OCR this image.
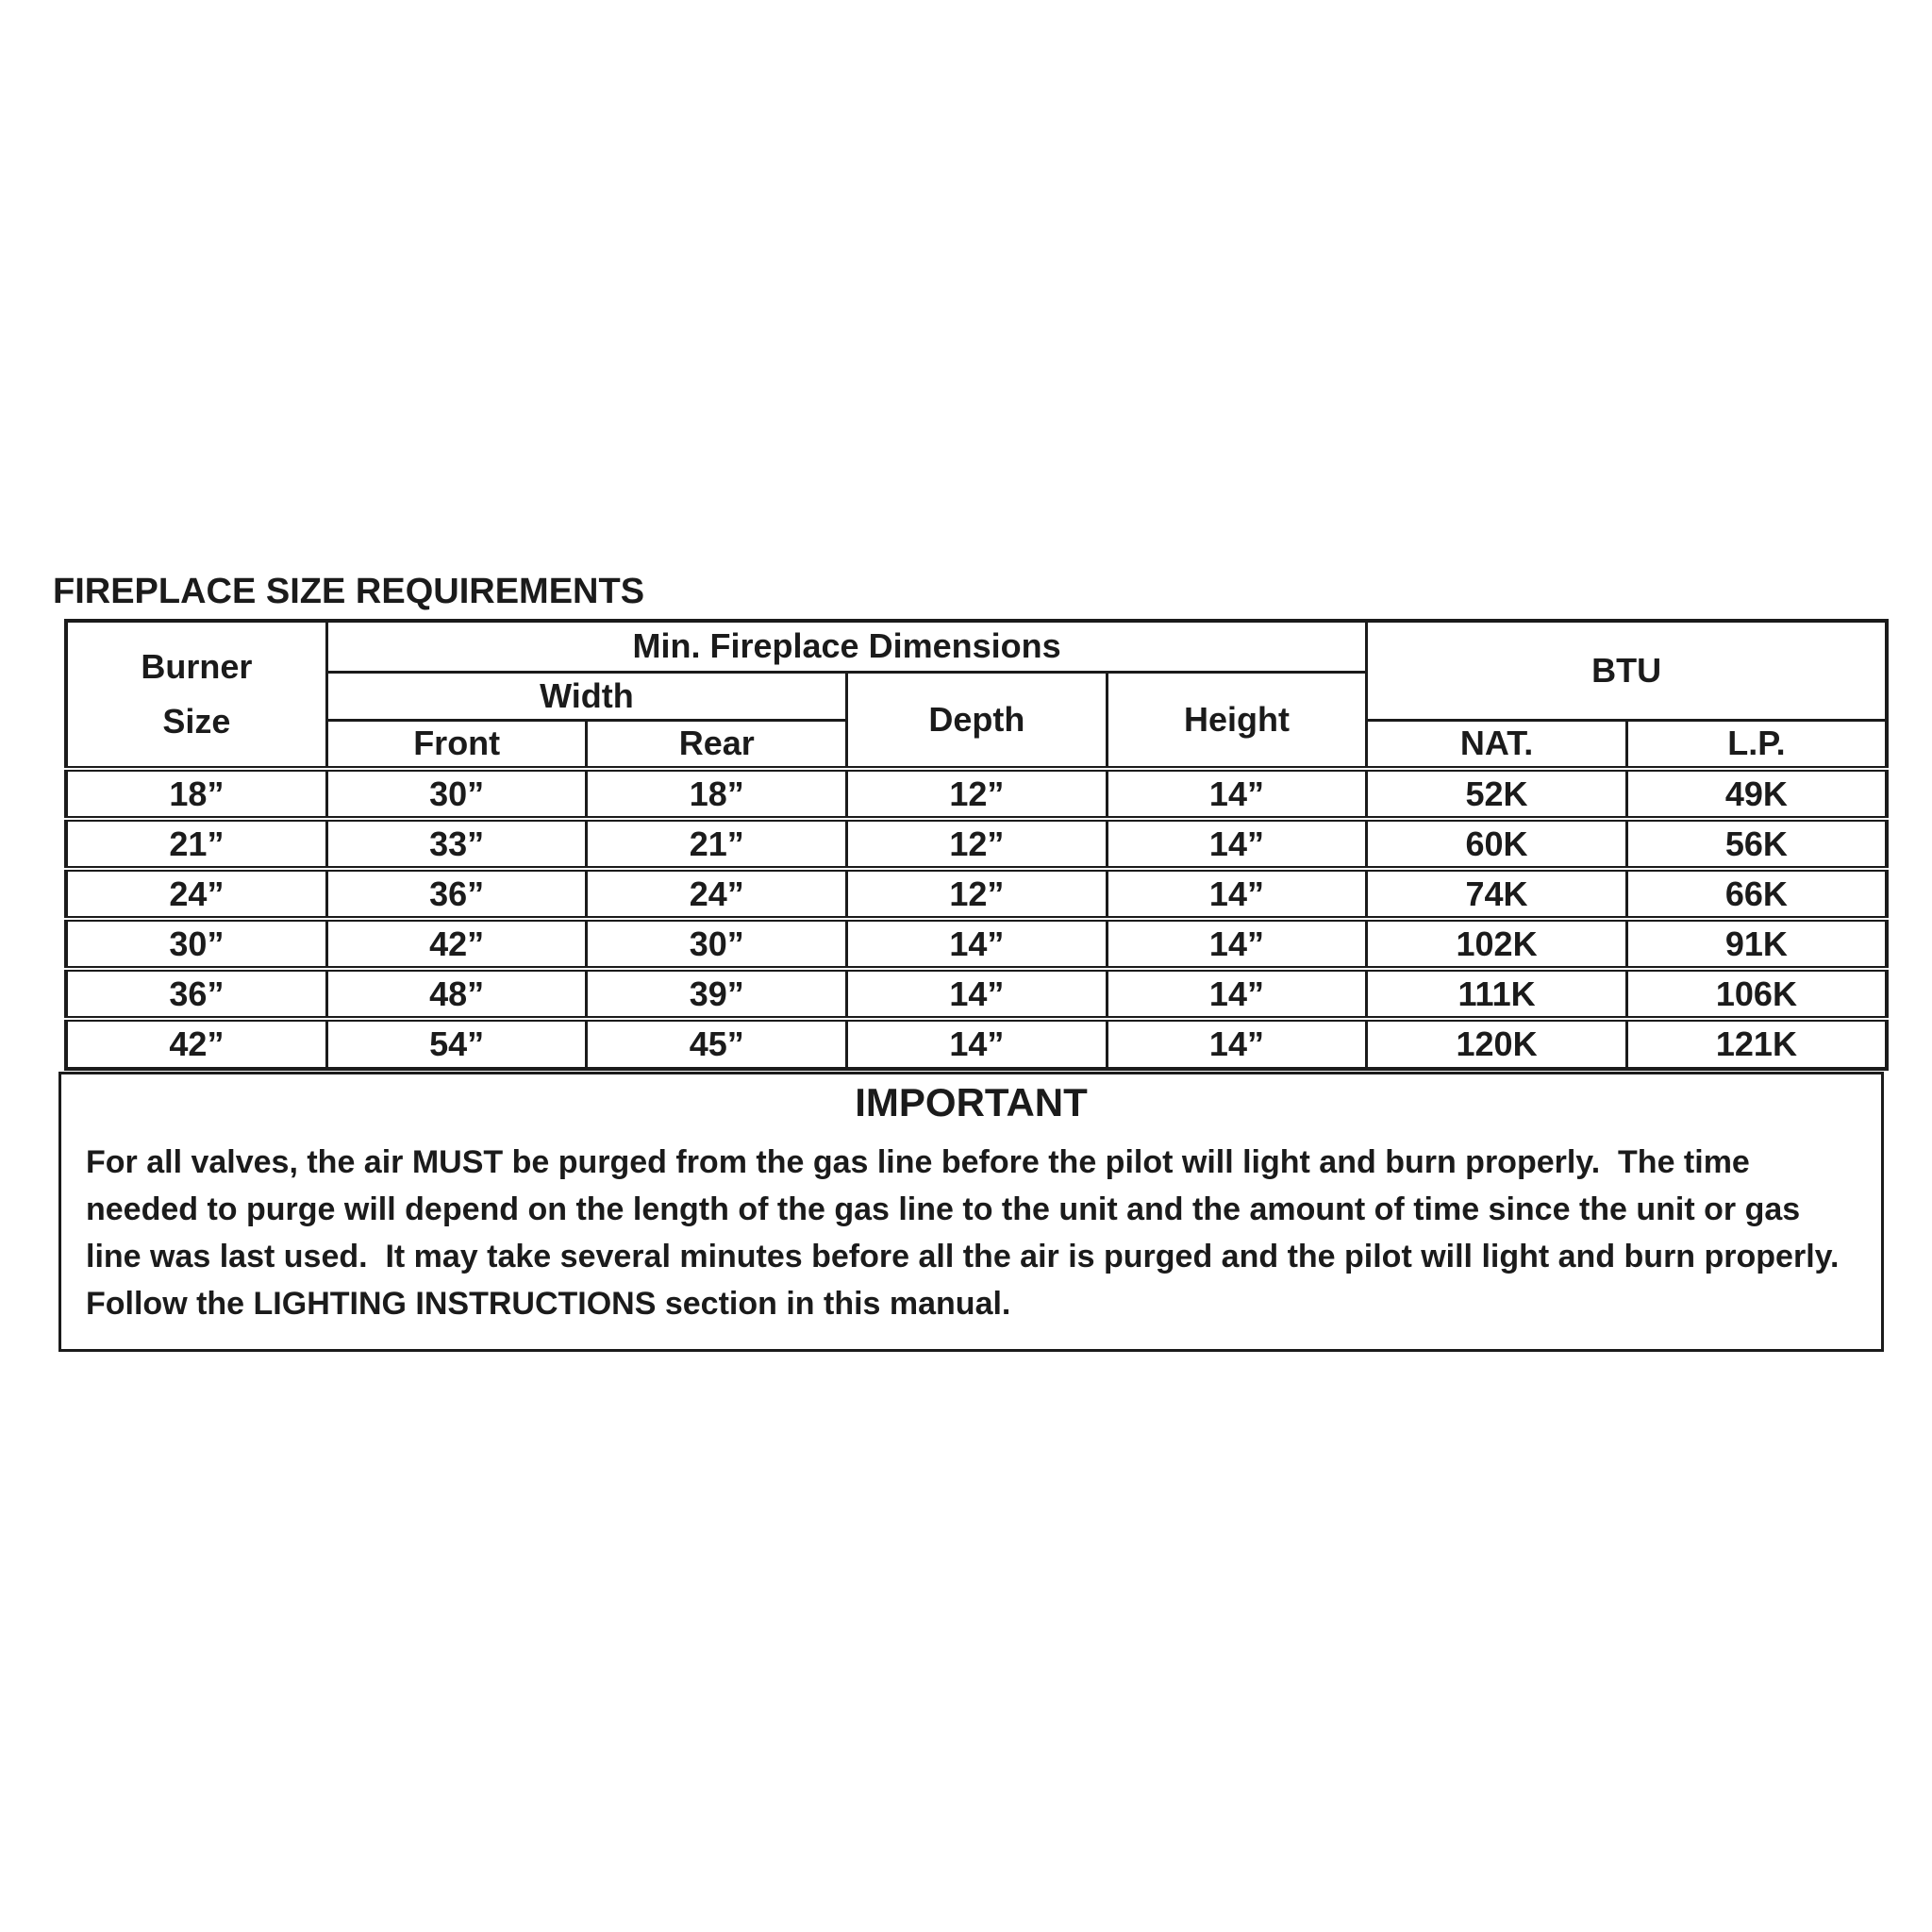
FIREPLACE SIZE REQUIREMENTS
Burner Size	Min. Fireplace Dimensions				BTU	
	Width		Depth	Height		
	Front	Rear			NAT.	L.P.
18”	30”	18”	12”	14”	52K	49K
21”	33”	21”	12”	14”	60K	56K
24”	36”	24”	12”	14”	74K	66K
30”	42”	30”	14”	14”	102K	91K
36”	48”	39”	14”	14”	111K	106K
42”	54”	45”	14”	14”	120K	121K
IMPORTANT
For all valves, the air MUST be purged from the gas line before the pilot will light and burn properly.  The time needed to purge will depend on the length of the gas line to the unit and the amount of time since the unit or gas line was last used.  It may take several minutes before all the air is purged and the pilot will light and burn properly.  Follow the LIGHTING INSTRUCTIONS section in this manual.
